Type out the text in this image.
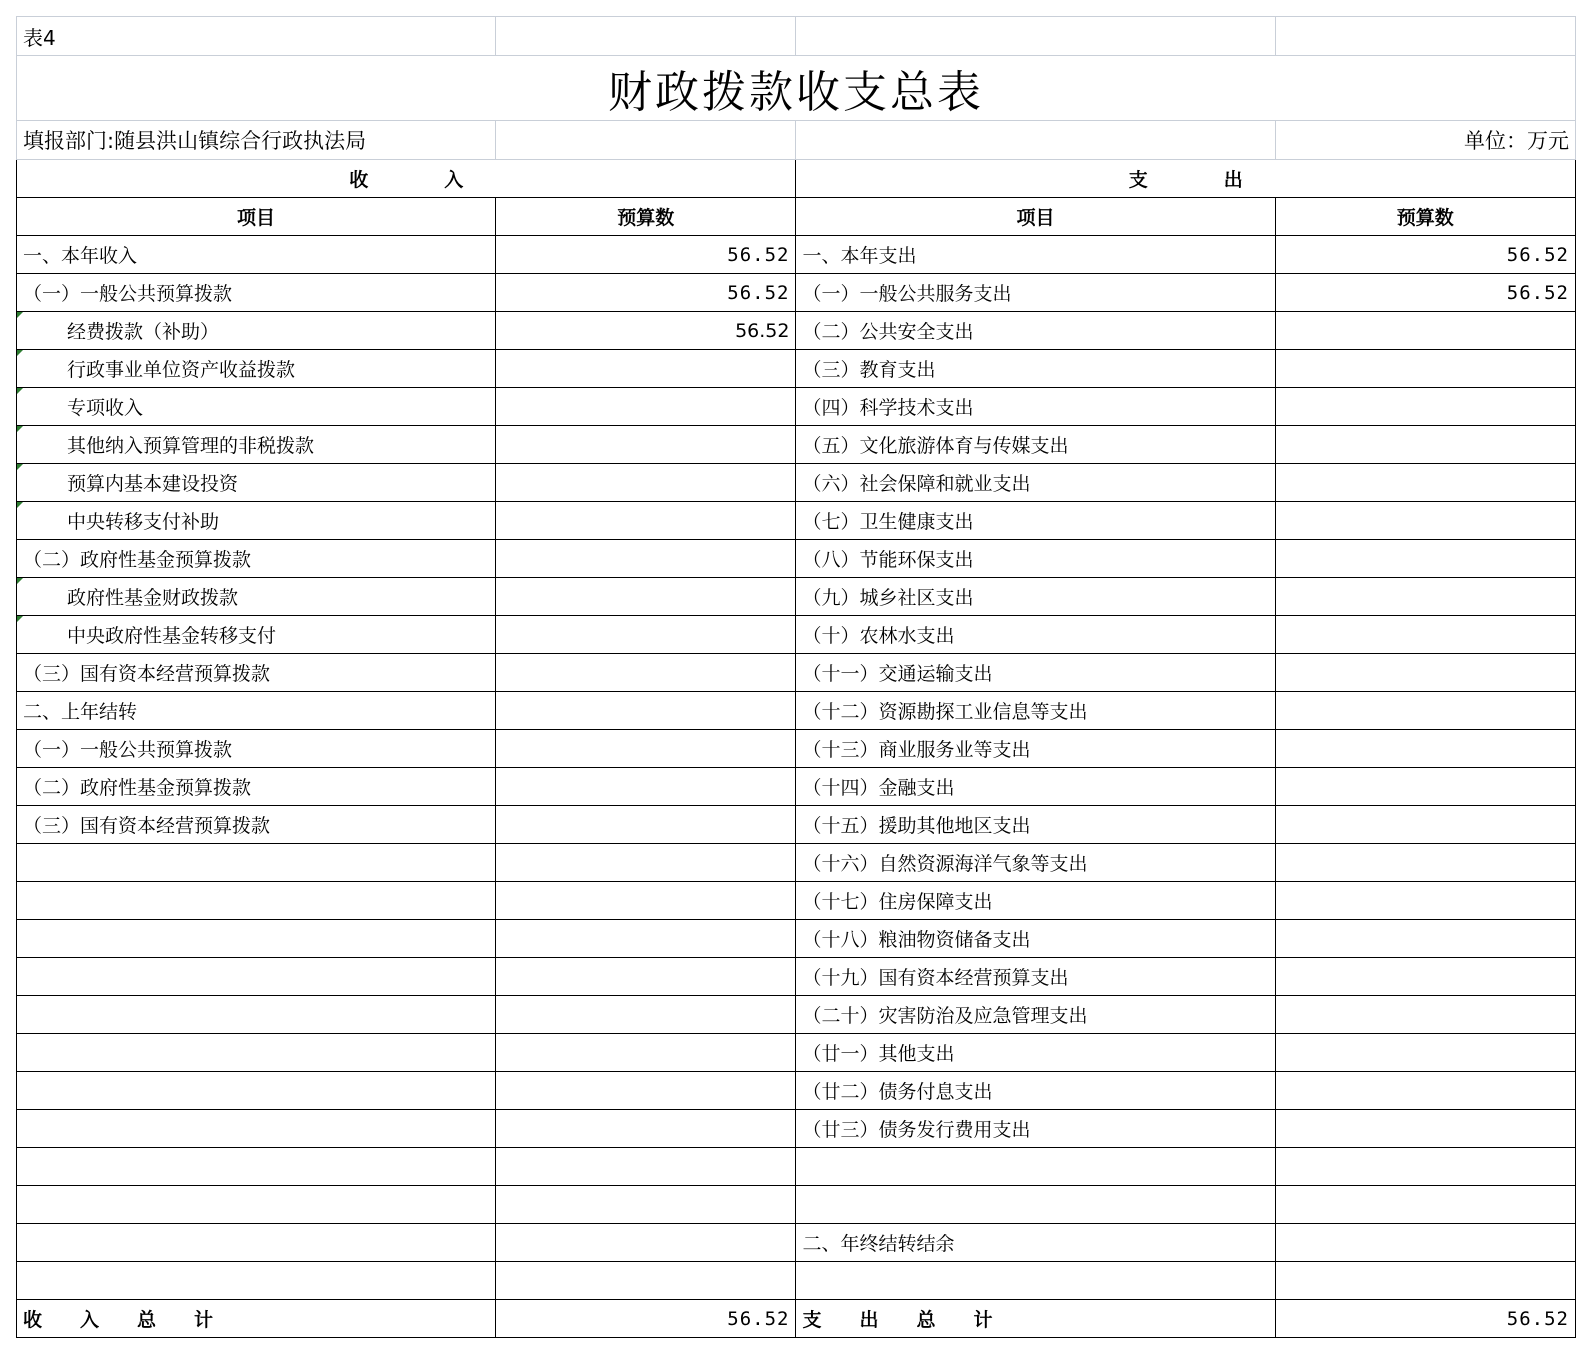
表4			
财政拨款收支总表			
填报部门:随县洪山镇综合行政执法局			单位：万元
收　　　　入		支　　　　出	
项目	预算数	项目	预算数
一、本年收入	56.52	一、本年支出	56.52
（一）一般公共预算拨款	56.52	（一）一般公共服务支出	56.52
经费拨款（补助）	56.52	（二）公共安全支出	
行政事业单位资产收益拨款		（三）教育支出	
专项收入		（四）科学技术支出	
其他纳入预算管理的非税拨款		（五）文化旅游体育与传媒支出	
预算内基本建设投资		（六）社会保障和就业支出	
中央转移支付补助		（七）卫生健康支出	
（二）政府性基金预算拨款		（八）节能环保支出	
政府性基金财政拨款		（九）城乡社区支出	
中央政府性基金转移支付		（十）农林水支出	
（三）国有资本经营预算拨款		（十一）交通运输支出	
二、上年结转		（十二）资源勘探工业信息等支出	
（一）一般公共预算拨款		（十三）商业服务业等支出	
（二）政府性基金预算拨款		（十四）金融支出	
（三）国有资本经营预算拨款		（十五）援助其他地区支出	
		（十六）自然资源海洋气象等支出	
		（十七）住房保障支出	
		（十八）粮油物资储备支出	
		（十九）国有资本经营预算支出	
		（二十）灾害防治及应急管理支出	
		（廿一）其他支出	
		（廿二）债务付息支出	
		（廿三）债务发行费用支出	

		二、年终结转结余	

收　　入　　总　　计	56.52	支　　出　　总　　计	56.52
